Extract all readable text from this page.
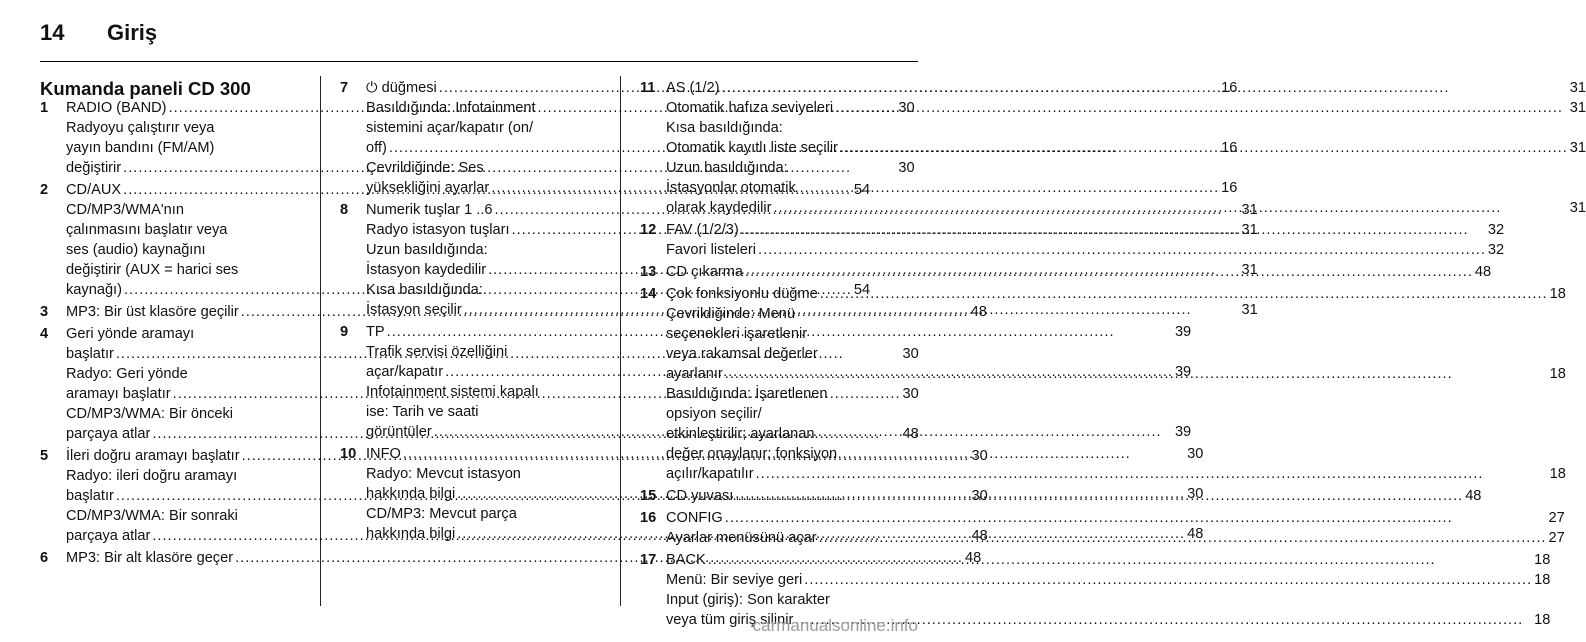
14 Giriş
Kumanda paneli CD 300
1	RADIO (BAND) .....	30
Radyoyu çalıştırır veya
yayın bandını (FM/AM)
değiştirir .....	30
2	CD/AUX .....	54
CD/MP3/WMA'nın
çalınmasını başlatır veya
ses (audio) kaynağını
değiştirir (AUX = harici ses
kaynağı) .....	54
3	MP3: Bir üst klasöre geçilir .....	48
4	Geri yönde aramayı
başlatır .....	30
Radyo: Geri yönde
aramayı başlatır .....	30
CD/MP3/WMA: Bir önceki
parçaya atlar .....	48
5	İleri doğru aramayı başlatır .....	30
Radyo: ileri doğru aramayı
başlatır .....	30
CD/MP3/WMA: Bir sonraki
parçaya atlar .....	48
6	MP3: Bir alt klasöre geçer .....	48
7	⏻ düğmesi .....	16
Basıldığında: Infotainment
sistemini açar/kapatır (on/
off) .....	16
Çevrildiğinde: Ses
yüksekliğini ayarlar .....	16
8	Numerik tuşlar 1 ..6 .....	31
Radyo istasyon tuşları .....	31
Uzun basıldığında:
İstasyon kaydedilir .....	31
Kısa basıldığında:
İstasyon seçilir .....	31
9	TP .....	39
Trafik servisi özelliğini
açar/kapatır .....	39
Infotainment sistemi kapalı
ise: Tarih ve saati
görüntüler .....	39
10 INFO .....	30
Radyo: Mevcut istasyon
hakkında bilgi .....	30
CD/MP3: Mevcut parça
hakkında bilgi .....	48
11 AS (1/2) .....	31
Otomatik hafıza seviyeleri .....	31
Kısa basıldığında:
Otomatik kayıtlı liste seçilir .....	31
Uzun basıldığında:
İstasyonlar otomatik
olarak kaydedilir .....	31
12 FAV (1/2/3) .....	32
Favori listeleri .....	32
13 CD çıkarma .....	48
14 Çok fonksiyonlu düğme .....	18
Çevrildiğinde: Menü
seçenekleri işaretlenir
veya rakamsal değerler
ayarlanır .....	18
Basıldığında: İşaretlenen
opsiyon seçilir/
etkinleştirilir; ayarlanan
değer onaylanır; fonksiyon
açılır/kapatılır .....	18
15 CD yuvası .....	48
16 CONFIG .....	27
Ayarlar menüsünü açar .....	27
17 BACK .....	18
Menü: Bir seviye geri .....	18
Input (giriş): Son karakter
veya tüm giriş silinir .....	18
carmanualsonline.info
